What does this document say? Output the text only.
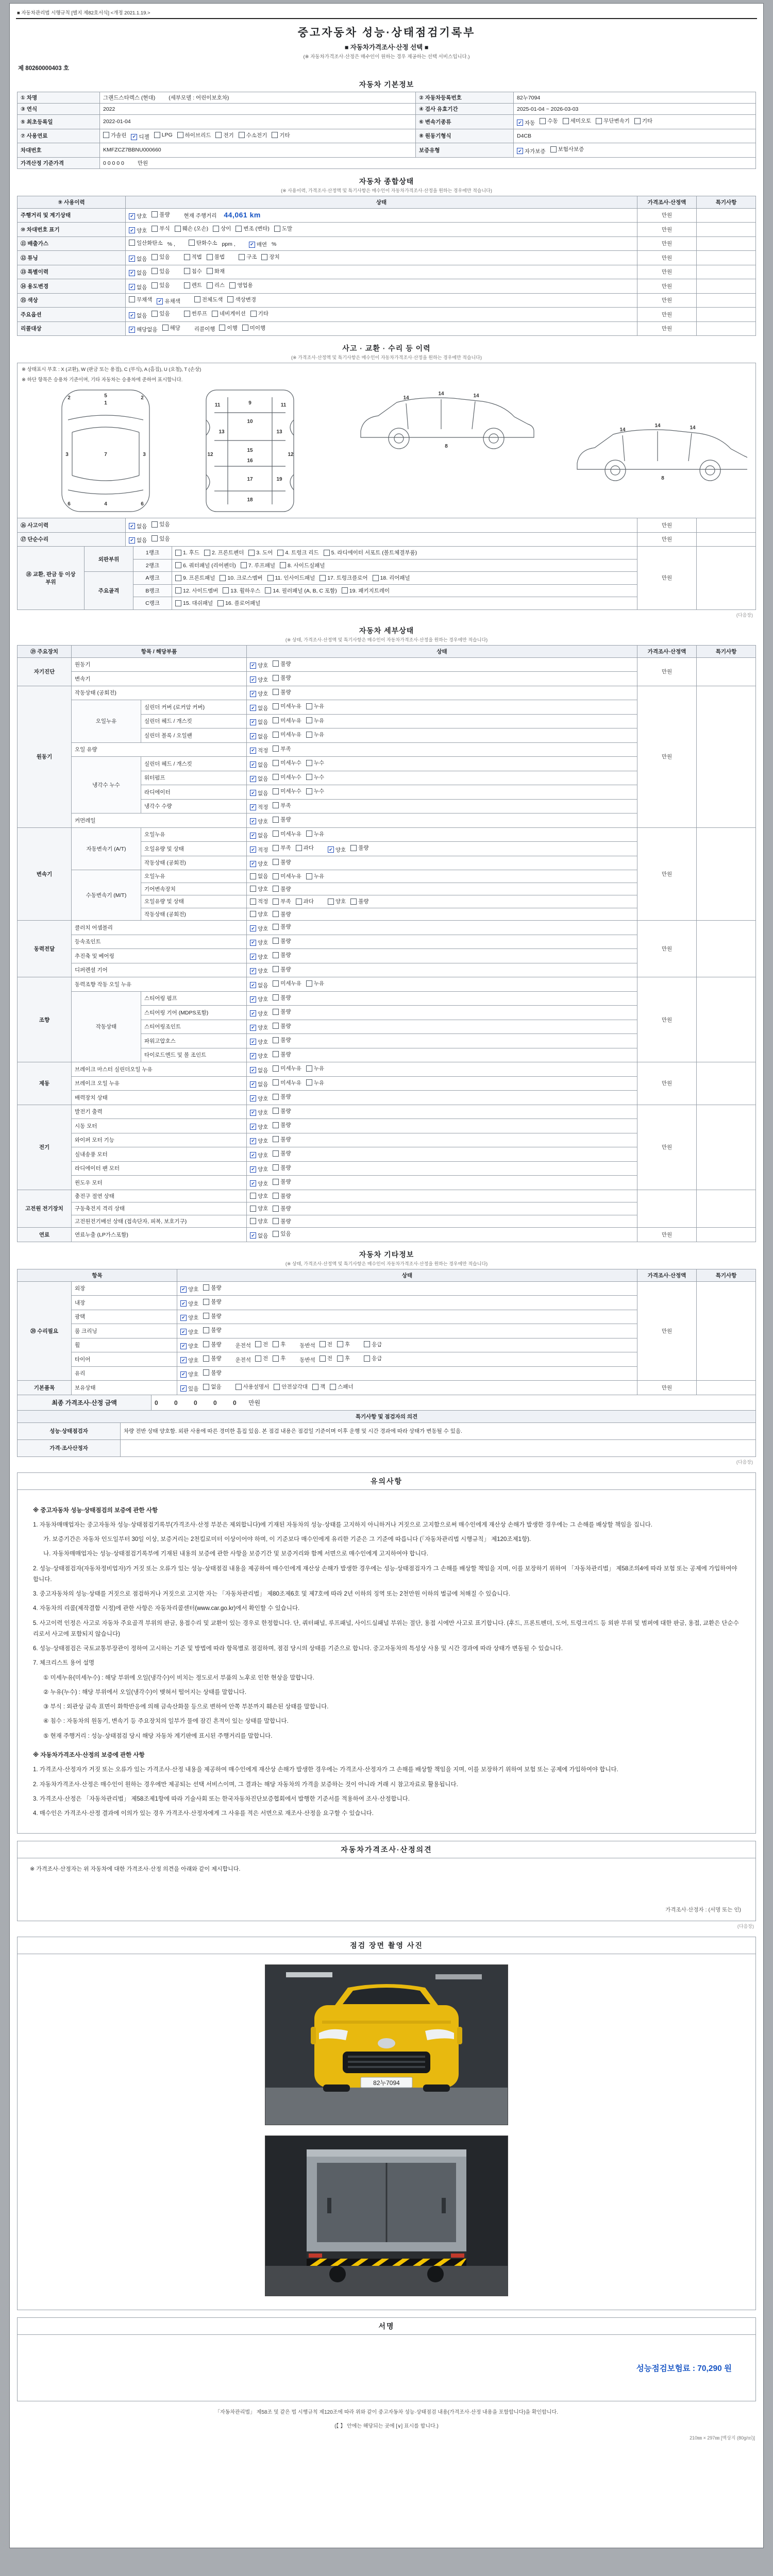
■ 자동차관리법 시행규칙 [별지 제82호서식] <개정 2021.1.19.>
중고자동차 성능·상태점검기록부
■ 자동차가격조사·산정 선택 ■
(※ 자동차가격조사·산정은 매수인이 원하는 경우 제공하는 선택 서비스입니다.)
제 80260000403 호
자동차 기본정보
① 차명	그랜드스타렉스 (현대) (세부모델 : 어린이보호차)	② 자동차등록번호	82누7094
③ 연식	2022	④ 검사 유효기간	2025-01-04 ~ 2026-03-03
⑤ 최초등록일	2022-01-04	⑥ 변속기종류	✔ 자동 수동 세미오토 무단변속기 기타

⑦ 사용연료	가솔린 ✔ 디젤 LPG 하이브리드 전기 수소전기 기타	⑧ 원동기형식	D4CB
차대번호	KMFZCZ7BBNU000660	보증유형	✔ 자가보증 보험사보증

가격산정 기준가격	0 0 0 0 0 만원		
자동차 종합상태
(※ 사용이력, 가격조사·산정액 및 특기사항은 매수인이 자동차가격조사·산정을 원하는 경우에만 적습니다)
⑨ 사용이력	상태	가격조사·산정액	특기사항
주행거리 및 계기상태	✔ 양호 불량 현재 주행거리 44,061 km	만원	
⑩ 차대번호 표기	✔ 양호 부식 훼손 (오손) 상이 변조 (변타) 도말	만원	
⑪ 배출가스	일산화탄소 % ,	탄화수소 ppm ,	✔ 매연 %	만원	
⑫ 튜닝	✔ 없음 있음	적법 불법	구조 장치	만원	
⑬ 특별이력	✔ 없음 있음 침수 화재	만원	
⑭ 용도변경	✔ 없음 있음	렌트 리스 영업용	만원	
⑮ 색상	무채색 ✔ 유채색 전체도색 색상변경	만원	
주요옵션	✔ 없음 있음	썬루프 네비게이션 기타	만원	
리콜대상	✔ 해당없음 해당	리콜이행 이행 미이행	만원	
사고 · 교환 · 수리 등 이력
(※ 가격조사·산정액 및 특기사항은 매수인이 자동차가격조사·산정을 원하는 경우에만 적습니다)
※ 상태표시 부호 : X (교환), W (판금 또는 용접), C (부식), A (흠집), U (요철), T (손상)
※ 하단 항목은 승용차 기준이며, 기타 자동차는 승용차에 준하여 표시합니다.
1
5
2	2
3	3
7
6	6
4
9
10
11	11
13	13
12	12
15
16
17
18
19
14
14	14
8
14
14	14
8
⑯ 사고이력	✔ 없음 있음	만원	
⑰ 단순수리	✔ 없음 있음	만원	
⑱ 교환, 판금 등 이상 부위	외판부위	1랭크	1. 후드 2. 프론트펜더 3. 도어 4. 트렁크 리드 5. 라디에이터 서포트 (볼트체결부품)	만원	
		2랭크	6. 쿼터패널 (리어펜더) 7. 루프패널 8. 사이드실패널		

	주요골격	A랭크	9. 프론트패널 10. 크로스멤버 11. 인사이드패널 17. 트렁크플로어 18. 리어패널		

		B랭크	12. 사이드멤버 13. 휠하우스 14. 필러패널 (A, B, C 포함) 19. 패키지트레이		

		C랭크	15. 대쉬패널 16. 플로어패널		
(다음장)
자동차 세부상태
(※ 상태, 가격조사·산정액 및 특기사항은 매수인이 자동차가격조사·산정을 원하는 경우에만 적습니다)
⑲ 주요장치	항목 / 해당부품		상태	가격조사·산정액	특기사항
자기진단	원동기		✔ 양호 불량	만원	
	변속기		✔ 양호 불량		

원동기	작동상태 (공회전)		✔ 양호 불량	만원	
	오일누유	실린더 커버 (로커암 커버)	✔ 없음 미세누유 누유		

		실린더 헤드 / 개스킷	✔ 없음 미세누유 누유		

		실린더 블록 / 오일팬	✔ 없음 미세누유 누유		

	오일 유량		✔ 적정 부족		

	냉각수 누수	실린더 헤드 / 개스킷	✔ 없음 미세누수 누수		

		워터펌프	✔ 없음 미세누수 누수		

		라디에이터	✔ 없음 미세누수 누수		

		냉각수 수량	✔ 적정 부족		

	커먼레일		✔ 양호 불량		

변속기	자동변속기 (A/T)	오일누유	✔ 없음 미세누유 누유	만원	
오일유량 및 상태	✔ 적정 부족 과다	✔ 양호 불량

		작동상태 (공회전)	✔ 양호 불량		

	수동변속기 (M/T)	오일누유	없음 미세누유 누유		

		기어변속장치	양호 불량		

		오일유량 및 상태	적정 부족 과다 양호 불량		

		작동상태 (공회전)	양호 불량		

동력전달	클러치 어셈블리		✔ 양호 불량	만원	
	등속조인트		✔ 양호 불량		

	추진축 및 베어링		✔ 양호 불량		

	디퍼렌셜 기어		✔ 양호 불량		

조향	동력조향 작동 오일 누유		✔ 없음 미세누유 누유	만원	
	작동상태	스티어링 펌프	✔ 양호 불량		

		스티어링 기어 (MDPS포함)	✔ 양호 불량		

		스티어링조인트	✔ 양호 불량		

		파워고압호스	✔ 양호 불량		

		타이로드엔드 및 볼 조인트	✔ 양호 불량		

제동	브레이크 마스터 실린더오일 누유		✔ 없음 미세누유 누유	만원	
	브레이크 오일 누유		✔ 없음 미세누유 누유		

	배력장치 상태		✔ 양호 불량		

전기	발전기 출력		✔ 양호 불량	만원	
	시동 모터		✔ 양호 불량		

	와이퍼 모터 기능		✔ 양호 불량		

	실내송풍 모터		✔ 양호 불량		

	라디에이터 팬 모터		✔ 양호 불량		

	윈도우 모터		✔ 양호 불량		

고전원 전기장치	충전구 절연 상태		양호 불량		

	구동축전지 격리 상태		양호 불량		

	고전원전기배선 상태 (접속단자, 피복, 보호기구)		양호 불량		

연료	연료누출 (LP가스포함)		✔ 없음 있음	만원	
자동차 기타정보
(※ 상태, 가격조사·산정액 및 특기사항은 매수인이 자동차가격조사·산정을 원하는 경우에만 적습니다)
항목		상태	가격조사·산정액	특기사항
⑳ 수리필요	외장	✔ 양호 불량	만원	
	내장	✔ 양호 불량		

	광택	✔ 양호 불량		

	룸 크리닝	✔ 양호 불량		

휠	✔ 양호 불량	운전석 전 후	동반석 전 후	응급

타이어	✔ 양호 불량	운전석 전 후	동반석 전 후	응급

	유리	✔ 양호 불량		

기본품목	보유상태	✔ 있음 없음	사용설명서 안전삼각대 잭 스패너	만원	
최종 가격조사·산정 금액	0 0 0 0 0 만원
특기사항 및 점검자의 의견	
성능·상태점검자	차량 전반 상태 양호함. 외판 사용에 따른 경미한 흠집 있음. 본 점검 내용은 점검일 기준이며 이후 운행 및 시간 경과에 따라 상태가 변동될 수 있음.
가격·조사산정자	
(다음장)
유의사항

※ 중고자동차 성능·상태점검의 보증에 관한 사항

1. 자동차매매업자는 중고자동차 성능·상태점검기록부(가격조사·산정 부분은 제외합니다)에 기재된 자동차의 성능·상태를 고지하지 아니하거나 거짓으로 고지함으로써 매수인에게 재산상 손해가 발생한 경우에는 그 손해를 배상할 책임을 집니다.

가. 보증기간은 자동차 인도일부터 30일 이상, 보증거리는 2천킬로미터 이상이어야 하며, 이 기준보다 매수인에게 유리한 기준은 그 기준에 따릅니다 (「자동차관리법 시행규칙」 제120조제1항).

나. 자동차매매업자는 성능·상태점검기록부에 기재된 내용의 보증에 관한 사항을 보증기간 및 보증거리와 함께 서면으로 매수인에게 고지하여야 합니다.

2. 성능·상태점검자(자동차정비업자)가 거짓 또는 오류가 있는 성능·상태점검 내용을 제공하여 매수인에게 재산상 손해가 발생한 경우에는 성능·상태점검자가 그 손해를 배상할 책임을 지며, 이를 보장하기 위하여 「자동차관리법」 제58조의4에 따라 보험 또는 공제에 가입하여야 합니다.

3. 중고자동차의 성능·상태를 거짓으로 점검하거나 거짓으로 고지한 자는 「자동차관리법」 제80조제6호 및 제7호에 따라 2년 이하의 징역 또는 2천만원 이하의 벌금에 처해질 수 있습니다.

4. 자동차의 리콜(제작결함 시정)에 관한 사항은 자동차리콜센터(www.car.go.kr)에서 확인할 수 있습니다.

5. 사고이력 인정은 사고로 자동차 주요골격 부위의 판금, 용접수리 및 교환이 있는 경우로 한정합니다. 단, 쿼터패널, 루프패널, 사이드실패널 부위는 절단, 용접 시에만 사고로 표기합니다. (후드, 프론트펜더, 도어, 트렁크리드 등 외판 부위 및 범퍼에 대한 판금, 용접, 교환은 단순수리로서 사고에 포함되지 않습니다)

6. 성능·상태점검은 국토교통부장관이 정하여 고시하는 기준 및 방법에 따라 항목별로 점검하며, 점검 당시의 상태를 기준으로 합니다. 중고자동차의 특성상 사용 및 시간 경과에 따라 상태가 변동될 수 있습니다.

7. 체크리스트 용어 설명

① 미세누유(미세누수) : 해당 부위에 오일(냉각수)이 비치는 정도로서 부품의 노후로 인한 현상을 말합니다.

② 누유(누수) : 해당 부위에서 오일(냉각수)이 맺혀서 떨어지는 상태를 말합니다.

③ 부식 : 외관상 금속 표면이 화학반응에 의해 금속산화물 등으로 변하여 안쪽 부분까지 훼손된 상태를 말합니다.

④ 침수 : 자동차의 원동기, 변속기 등 주요장치의 일부가 물에 잠긴 흔적이 있는 상태를 말합니다.

⑤ 현재 주행거리 : 성능·상태점검 당시 해당 자동차 계기판에 표시된 주행거리를 말합니다.

※ 자동차가격조사·산정의 보증에 관한 사항

1. 가격조사·산정자가 거짓 또는 오류가 있는 가격조사·산정 내용을 제공하여 매수인에게 재산상 손해가 발생한 경우에는 가격조사·산정자가 그 손해를 배상할 책임을 지며, 이를 보장하기 위하여 보험 또는 공제에 가입하여야 합니다.

2. 자동차가격조사·산정은 매수인이 원하는 경우에만 제공되는 선택 서비스이며, 그 결과는 해당 자동차의 가격을 보증하는 것이 아니라 거래 시 참고자료로 활용됩니다.

3. 가격조사·산정은 「자동차관리법」 제58조제1항에 따라 기술사회 또는 한국자동차진단보증협회에서 발행한 기준서를 적용하여 조사·산정합니다.

4. 매수인은 가격조사·산정 결과에 이의가 있는 경우 가격조사·산정자에게 그 사유를 적은 서면으로 재조사·산정을 요구할 수 있습니다.

자동차가격조사·산정의견
※ 가격조사·산정자는 위 자동차에 대한 가격조사·산정 의견을 아래와 같이 제시합니다.
가격조사·산정자 : (서명 또는 인)
(다음장)
점검 장면 촬영 사진
82누7094
서명
성능점검보험료 : 70,290 원
「자동차관리법」 제58조 및 같은 법 시행규칙 제120조에 따라 위와 같이 중고자동차 성능·상태점검 내용(가격조사·산정 내용을 포함합니다)을 확인합니다.
(【 】 안에는 해당되는 곳에 [∨] 표시를 합니다.)
210㎜ × 297㎜ [백상지 (80g/㎡)]
